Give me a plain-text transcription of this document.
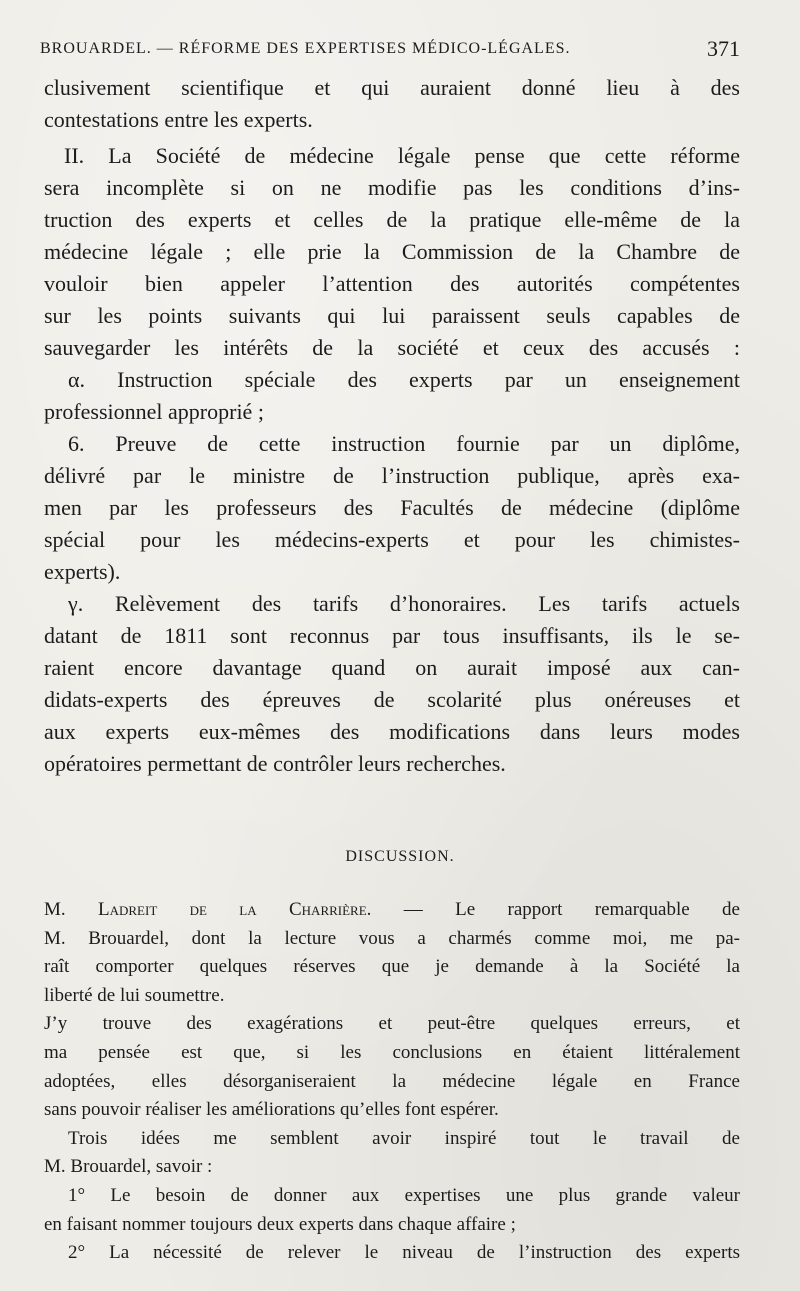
BROUARDEL. — RÉFORME DES EXPERTISES MÉDICO-LÉGALES.	371

clusivement scientifique et qui auraient donné lieu à des
contestations entre les experts.

II. La Société de médecine légale pense que cette réforme
sera incomplète si on ne modifie pas les conditions d’ins-
truction des experts et celles de la pratique elle-même de la
médecine légale ; elle prie la Commission de la Chambre de
vouloir bien appeler l’attention des autorités compétentes
sur les points suivants qui lui paraissent seuls capables de
sauvegarder les intérêts de la société et ceux des accusés :

α. Instruction spéciale des experts par un enseignement
professionnel approprié ;

6. Preuve de cette instruction fournie par un diplôme,
délivré par le ministre de l’instruction publique, après exa-
men par les professeurs des Facultés de médecine (diplôme
spécial pour les médecins-experts et pour les chimistes-
experts).

γ. Relèvement des tarifs d’honoraires. Les tarifs actuels
datant de 1811 sont reconnus par tous insuffisants, ils le se-
raient encore davantage quand on aurait imposé aux can-
didats-experts des épreuves de scolarité plus onéreuses et
aux experts eux-mêmes des modifications dans leurs modes
opératoires permettant de contrôler leurs recherches.

DISCUSSION.

M. Ladreit de la Charrière. — Le rapport remarquable de
M. Brouardel, dont la lecture vous a charmés comme moi, me pa-
raît comporter quelques réserves que je demande à la Société la
liberté de lui soumettre.

J’y trouve des exagérations et peut-être quelques erreurs, et
ma pensée est que, si les conclusions en étaient littéralement
adoptées, elles désorganiseraient la médecine légale en France
sans pouvoir réaliser les améliorations qu’elles font espérer.

Trois idées me semblent avoir inspiré tout le travail de
M. Brouardel, savoir :

1° Le besoin de donner aux expertises une plus grande valeur
en faisant nommer toujours deux experts dans chaque affaire ;

2° La nécessité de relever le niveau de l’instruction des experts
